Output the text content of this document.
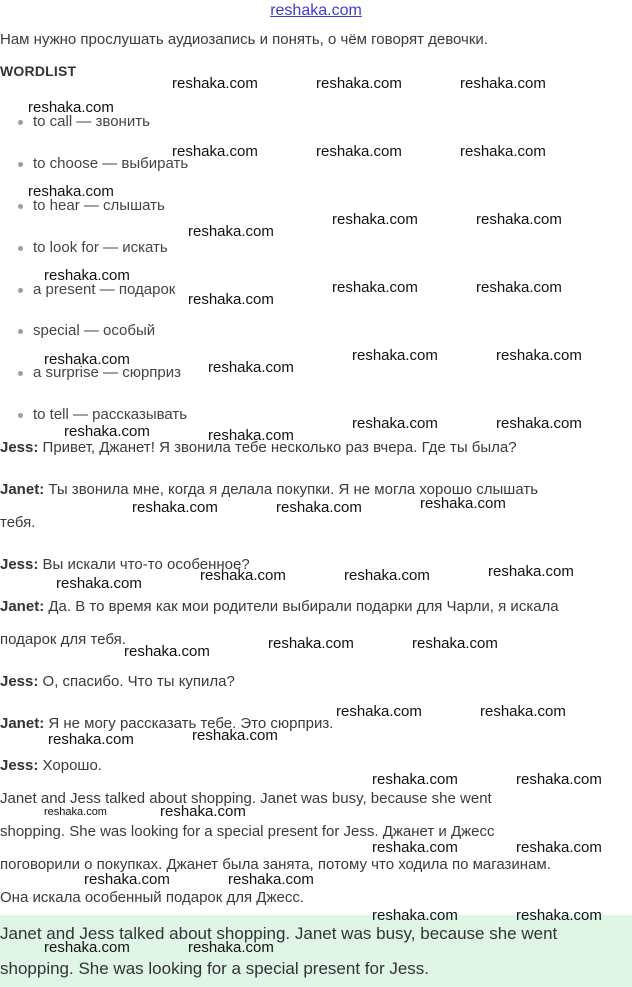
reshaka.com
Нам нужно прослушать аудиозапись и понять, о чём говорят девочки.
WORDLIST
to call — звонить
to choose — выбирать
to hear — слышать
to look for — искать
a present — подарок
special — особый
a surprise — сюрприз
to tell — рассказывать
Jess: Привет, Джанет! Я звонила тебе несколько раз вчера. Где ты была?
Janet: Ты звонила мне, когда я делала покупки. Я не могла хорошо слышать
тебя.
Jess: Вы искали что-то особенное?
Janet: Да. В то время как мои родители выбирали подарки для Чарли, я искала
подарок для тебя.
Jess: О, спасибо. Что ты купила?
Janet: Я не могу рассказать тебе. Это сюрприз.
Jess: Хорошо.
Janet and Jess talked about shopping. Janet was busy, because she went
shopping. She was looking for a special present for Jess. Джанет и Джесс
поговорили о покупках. Джанет была занята, потому что ходила по магазинам.
Она искала особенный подарок для Джесс.
Janet and Jess talked about shopping. Janet was busy, because she went
shopping. She was looking for a special present for Jess.
reshaka.com	reshaka.com	reshaka.com
reshaka.com
reshaka.com	reshaka.com	reshaka.com
reshaka.com
reshaka.com	reshaka.com
reshaka.com
reshaka.com
reshaka.com	reshaka.com
reshaka.com
reshaka.com	reshaka.com
reshaka.com	reshaka.com
reshaka.com	reshaka.com
reshaka.com	reshaka.com
reshaka.com
reshaka.com	reshaka.com
reshaka.com
reshaka.com	reshaka.com
reshaka.com
reshaka.com	reshaka.com
reshaka.com
reshaka.com	reshaka.com
reshaka.com
reshaka.com
reshaka.com	reshaka.com
reshaka.com	reshaka.com
reshaka.com	reshaka.com
reshaka.com	reshaka.com
reshaka.com	reshaka.com
reshaka.com	reshaka.com
